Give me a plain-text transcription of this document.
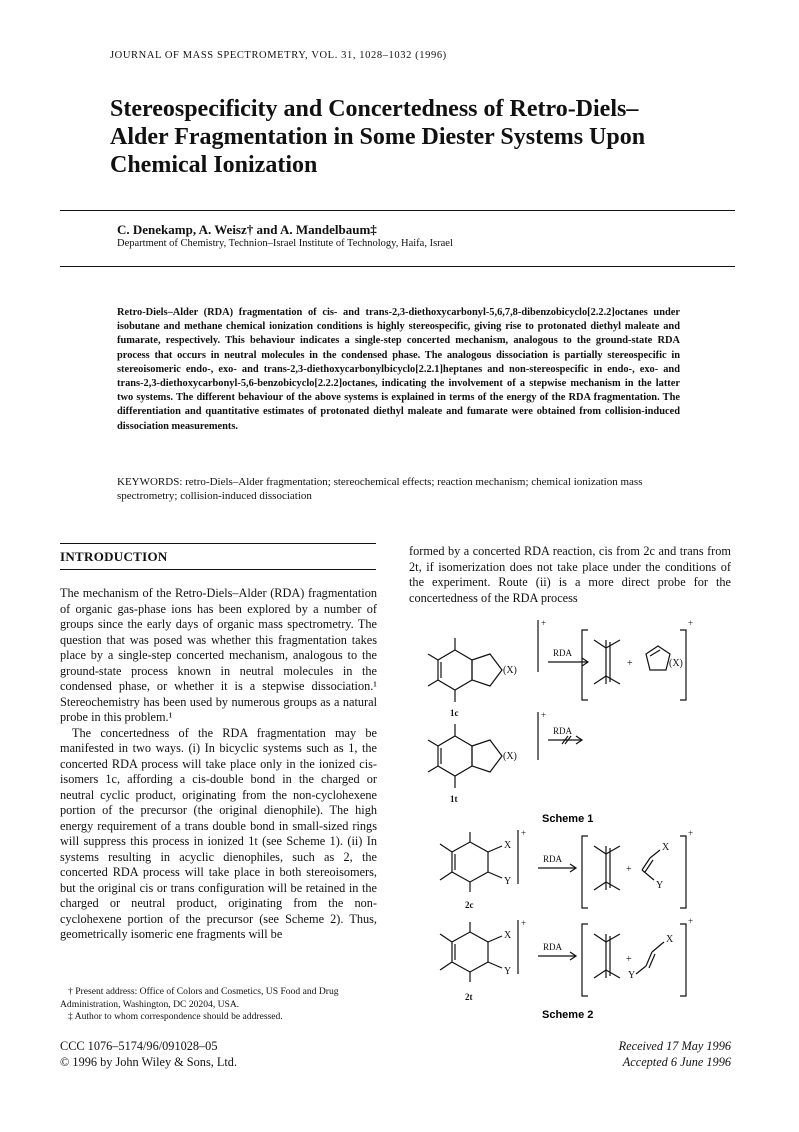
JOURNAL OF MASS SPECTROMETRY, VOL. 31, 1028–1032 (1996)
Stereospecificity and Concertedness of Retro-Diels–Alder Fragmentation in Some Diester Systems Upon Chemical Ionization
C. Denekamp, A. Weisz† and A. Mandelbaum‡
Department of Chemistry, Technion–Israel Institute of Technology, Haifa, Israel
Retro-Diels–Alder (RDA) fragmentation of cis- and trans-2,3-diethoxycarbonyl-5,6,7,8-dibenzobicyclo[2.2.2]octanes under isobutane and methane chemical ionization conditions is highly stereospecific, giving rise to protonated diethyl maleate and fumarate, respectively. This behaviour indicates a single-step concerted mechanism, analogous to the ground-state RDA process that occurs in neutral molecules in the condensed phase. The analogous dissociation is partially stereospecific in stereoisomeric endo-, exo- and trans-2,3-diethoxycarbonylbicyclo[2.2.1]heptanes and non-stereospecific in endo-, exo- and trans-2,3-diethoxycarbonyl-5,6-benzobicyclo[2.2.2]octanes, indicating the involvement of a stepwise mechanism in the latter two systems. The different behaviour of the above systems is explained in terms of the energy of the RDA fragmentation. The differentiation and quantitative estimates of protonated diethyl maleate and fumarate were obtained from collision-induced dissociation measurements.
KEYWORDS: retro-Diels–Alder fragmentation; stereochemical effects; reaction mechanism; chemical ionization mass spectrometry; collision-induced dissociation
INTRODUCTION

The mechanism of the Retro-Diels–Alder (RDA) fragmentation of organic gas-phase ions has been explored by a number of groups since the early days of organic mass spectrometry. The question that was posed was whether this fragmentation takes place by a single-step concerted mechanism, analogous to the ground-state process known in neutral molecules in the condensed phase, or whether it is a stepwise dissociation.¹ Stereochemistry has been used by numerous groups as a natural probe in this problem.¹

The concertedness of the RDA fragmentation may be manifested in two ways. (i) In bicyclic systems such as 1, the concerted RDA process will take place only in the ionized cis-isomers 1c, affording a cis-double bond in the charged or neutral cyclic product, originating from the non-cyclohexene portion of the precursor (the original dienophile). The high energy requirement of a trans double bond in small-sized rings will suppress this process in ionized 1t (see Scheme 1). (ii) In systems resulting in acyclic dienophiles, such as 2, the concerted RDA process will take place in both stereoisomers, but the original cis or trans configuration will be retained in the charged or neutral product, originating from the non-cyclohexene portion of the precursor (see Scheme 2). Thus, geometrically isomeric ene fragments will be

formed by a concerted RDA reaction, cis from 2c and trans from 2t, if isomerization does not take place under the conditions of the experiment. Route (ii) is a more direct probe for the concertedness of the RDA process
(X)
+
RDA
+	(X)
+
1c
(X)
+
RDA
1t
Scheme 1
X
Y
+
RDA
+
X
Y
+
2c
X
Y
+
RDA
+
X
Y
+
2t
Scheme 2
† Present address: Office of Colors and Cosmetics, US Food and Drug Administration, Washington, DC 20204, USA.
‡ Author to whom correspondence should be addressed.
CCC 1076–5174/96/091028–05
© 1996 by John Wiley & Sons, Ltd.
Received 17 May 1996
Accepted 6 June 1996
